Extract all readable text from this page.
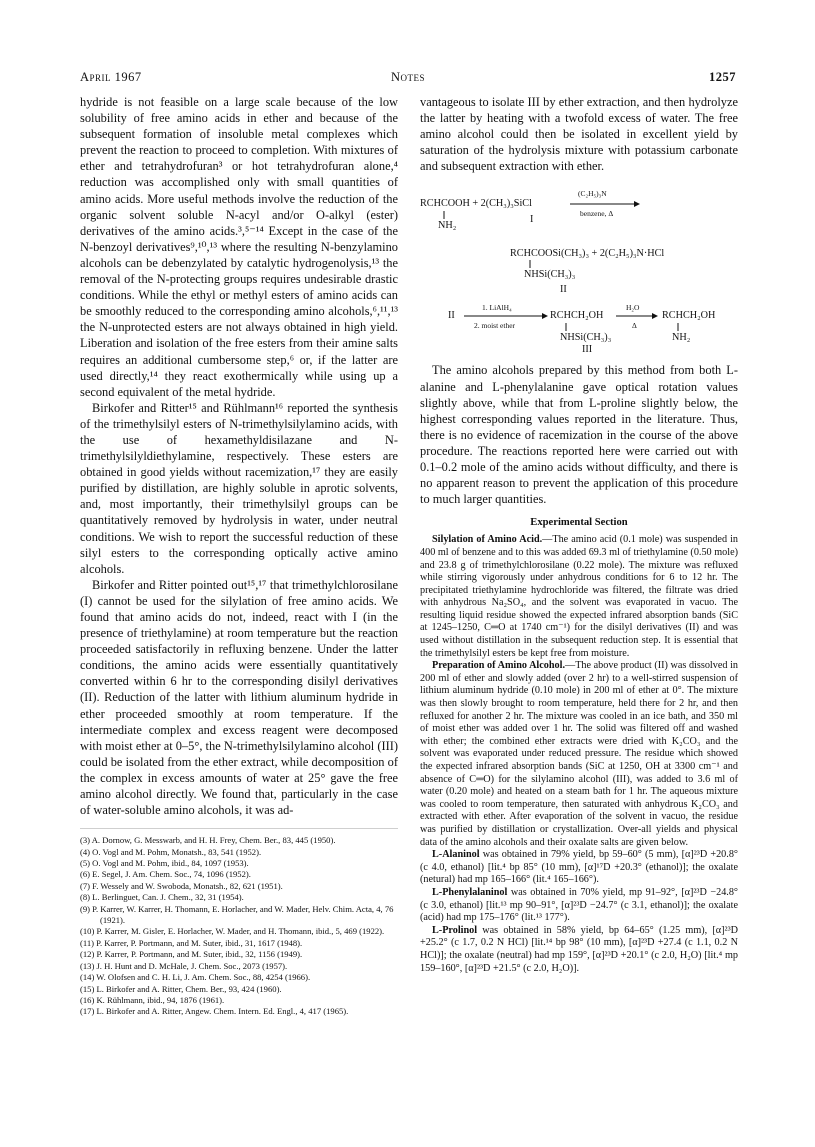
April 1967	Notes	1257

hydride is not feasible on a large scale because of the low solubility of free amino acids in ether and because of the subsequent formation of insoluble metal complexes which prevent the reaction to proceed to completion. With mixtures of ether and tetrahydrofuran³ or hot tetrahydrofuran alone,⁴ reduction was accomplished only with small quantities of amino acids. More useful methods involve the reduction of the organic solvent soluble N-acyl and/or O-alkyl (ester) derivatives of the amino acids.³,⁵⁻¹⁴ Except in the case of the N-benzoyl derivatives⁹,¹⁰,¹³ where the resulting N-benzylamino alcohols can be debenzylated by catalytic hydrogenolysis,¹³ the removal of the N-protecting groups requires undesirable drastic conditions. While the ethyl or methyl esters of amino acids can be smoothly reduced to the corresponding amino alcohols,⁶,¹¹,¹³ the N-unprotected esters are not always obtained in high yield. Liberation and isolation of the free esters from their amine salts requires an additional cumbersome step,⁶ or, if the latter are used directly,¹⁴ they react exothermically while using up a second equivalent of the metal hydride.

Birkofer and Ritter¹⁵ and Rühlmann¹⁶ reported the synthesis of the trimethylsilyl esters of N-trimethylsilylamino acids, with the use of hexamethyldisilazane and N-trimethylsilyldiethylamine, respectively. These esters are obtained in good yields without racemization,¹⁷ they are easily purified by distillation, are highly soluble in aprotic solvents, and, most importantly, their trimethylsilyl groups can be quantitatively removed by hydrolysis in water, under neutral conditions. We wish to report the successful reduction of these silyl esters to the corresponding optically active amino alcohols.

Birkofer and Ritter pointed out¹⁵,¹⁷ that trimethylchlorosilane (I) cannot be used for the silylation of free amino acids. We found that amino acids do not, indeed, react with I (in the presence of triethylamine) at room temperature but the reaction proceeded satisfactorily in refluxing benzene. Under the latter conditions, the amino acids were essentially quantitatively converted within 6 hr to the corresponding disilyl derivatives (II). Reduction of the latter with lithium aluminum hydride in ether proceeded smoothly at room temperature. If the intermediate complex and excess reagent were decomposed with moist ether at 0–5°, the N-trimethylsilylamino alcohol (III) could be isolated from the ether extract, while decomposition of the complex in excess amounts of water at 25° gave the free amino alcohol directly. We found that, particularly in the case of water-soluble amino alcohols, it was ad-

(3) A. Dornow, G. Messwarb, and H. H. Frey, Chem. Ber., 83, 445 (1950).
(4) O. Vogl and M. Pohm, Monatsh., 83, 541 (1952).
(5) O. Vogl and M. Pohm, ibid., 84, 1097 (1953).
(6) E. Segel, J. Am. Chem. Soc., 74, 1096 (1952).
(7) F. Wessely and W. Swoboda, Monatsh., 82, 621 (1951).
(8) L. Berlinguet, Can. J. Chem., 32, 31 (1954).
(9) P. Karrer, W. Karrer, H. Thomann, E. Horlacher, and W. Mader, Helv. Chim. Acta, 4, 76 (1921).
(10) P. Karrer, M. Gisler, E. Horlacher, W. Mader, and H. Thomann, ibid., 5, 469 (1922).
(11) P. Karrer, P. Portmann, and M. Suter, ibid., 31, 1617 (1948).
(12) P. Karrer, P. Portmann, and M. Suter, ibid., 32, 1156 (1949).
(13) J. H. Hunt and D. McHale, J. Chem. Soc., 2073 (1957).
(14) W. Olofsen and C. H. Li, J. Am. Chem. Soc., 88, 4254 (1966).
(15) L. Birkofer and A. Ritter, Chem. Ber., 93, 424 (1960).
(16) K. Rühlmann, ibid., 94, 1876 (1961).
(17) L. Birkofer and A. Ritter, Angew. Chem. Intern. Ed. Engl., 4, 417 (1965).

vantageous to isolate III by ether extraction, and then hydrolyze the latter by heating with a twofold excess of water. The free amino alcohol could then be isolated in excellent yield by saturation of the hydrolysis mixture with potassium carbonate and subsequent extraction with ether.

RCHCOOH + 2(CH₃)₃SiCl
NH₂
(C₂H₅)₃N
benzene, Δ
I
RCHCOOSi(CH₃)₃ + 2(C₂H₅)₃N·HCl
NHSi(CH₃)₃
II
II
1. LiAlH₄
2. moist ether
RCHCH₂OH
NHSi(CH₃)₃
III
H₂O
Δ
RCHCH₂OH
NH₂

The amino alcohols prepared by this method from both L-alanine and L-phenylalanine gave optical rotation values slightly above, while that from L-proline slightly below, the highest corresponding values reported in the literature. Thus, there is no evidence of racemization in the course of the above procedure. The reactions reported here were carried out with 0.1–0.2 mole of the amino acids without difficulty, and there is no apparent reason to prevent the application of this procedure to much larger quantities.

Experimental Section

Silylation of Amino Acid.—The amino acid (0.1 mole) was suspended in 400 ml of benzene and to this was added 69.3 ml of triethylamine (0.50 mole) and 23.8 g of trimethylchlorosilane (0.22 mole). The mixture was refluxed while stirring vigorously under anhydrous conditions for 6 to 12 hr. The precipitated triethylamine hydrochloride was filtered, the filtrate was dried with anhydrous Na₂SO₄, and the solvent was evaporated in vacuo. The resulting liquid residue showed the expected infrared absorption bands (SiC at 1245–1250, C═O at 1740 cm⁻¹) for the disilyl derivatives (II) and was used without distillation in the subsequent reduction step. It is essential that the trimethylsilyl esters be kept free from moisture.

Preparation of Amino Alcohol.—The above product (II) was dissolved in 200 ml of ether and slowly added (over 2 hr) to a well-stirred suspension of lithium aluminum hydride (0.10 mole) in 200 ml of ether at 0°. The mixture was then slowly brought to room temperature, held there for 2 hr, and then refluxed for another 2 hr. The mixture was cooled in an ice bath, and 350 ml of moist ether was added over 1 hr. The solid was filtered off and washed with ether; the combined ether extracts were dried with K₂CO₃ and the solvent was evaporated under reduced pressure. The residue which showed the expected infrared absorption bands (SiC at 1250, OH at 3300 cm⁻¹ and absence of C═O) for the silylamino alcohol (III), was added to 3.6 ml of water (0.20 mole) and heated on a steam bath for 1 hr. The aqueous mixture was cooled to room temperature, then saturated with anhydrous K₂CO₃ and extracted with ether. After evaporation of the solvent in vacuo, the residue was purified by distillation or crystallization. Over-all yields and physical data of the amino alcohols and their oxalate salts are given below.

L-Alaninol was obtained in 79% yield, bp 59–60° (5 mm), [α]²³D +20.8° (c 4.0, ethanol) [lit.⁴ bp 85° (10 mm), [α]¹⁷D +20.3° (ethanol)]; the oxalate (netural) had mp 165–166° (lit.⁴ 165–166°).

L-Phenylalaninol was obtained in 70% yield, mp 91–92°, [α]²³D −24.8° (c 3.0, ethanol) [lit.¹³ mp 90–91°, [α]²³D −24.7° (c 3.1, ethanol)]; the oxalate (acid) had mp 175–176° (lit.¹³ 177°).

L-Prolinol was obtained in 58% yield, bp 64–65° (1.25 mm), [α]²³D +25.2° (c 1.7, 0.2 N HCl) [lit.¹⁴ bp 98° (10 mm), [α]²³D +27.4 (c 1.1, 0.2 N HCl)]; the oxalate (neutral) had mp 159°, [α]²³D +20.1° (c 2.0, H₂O) [lit.⁴ mp 159–160°, [α]²³D +21.5° (c 2.0, H₂O)].
